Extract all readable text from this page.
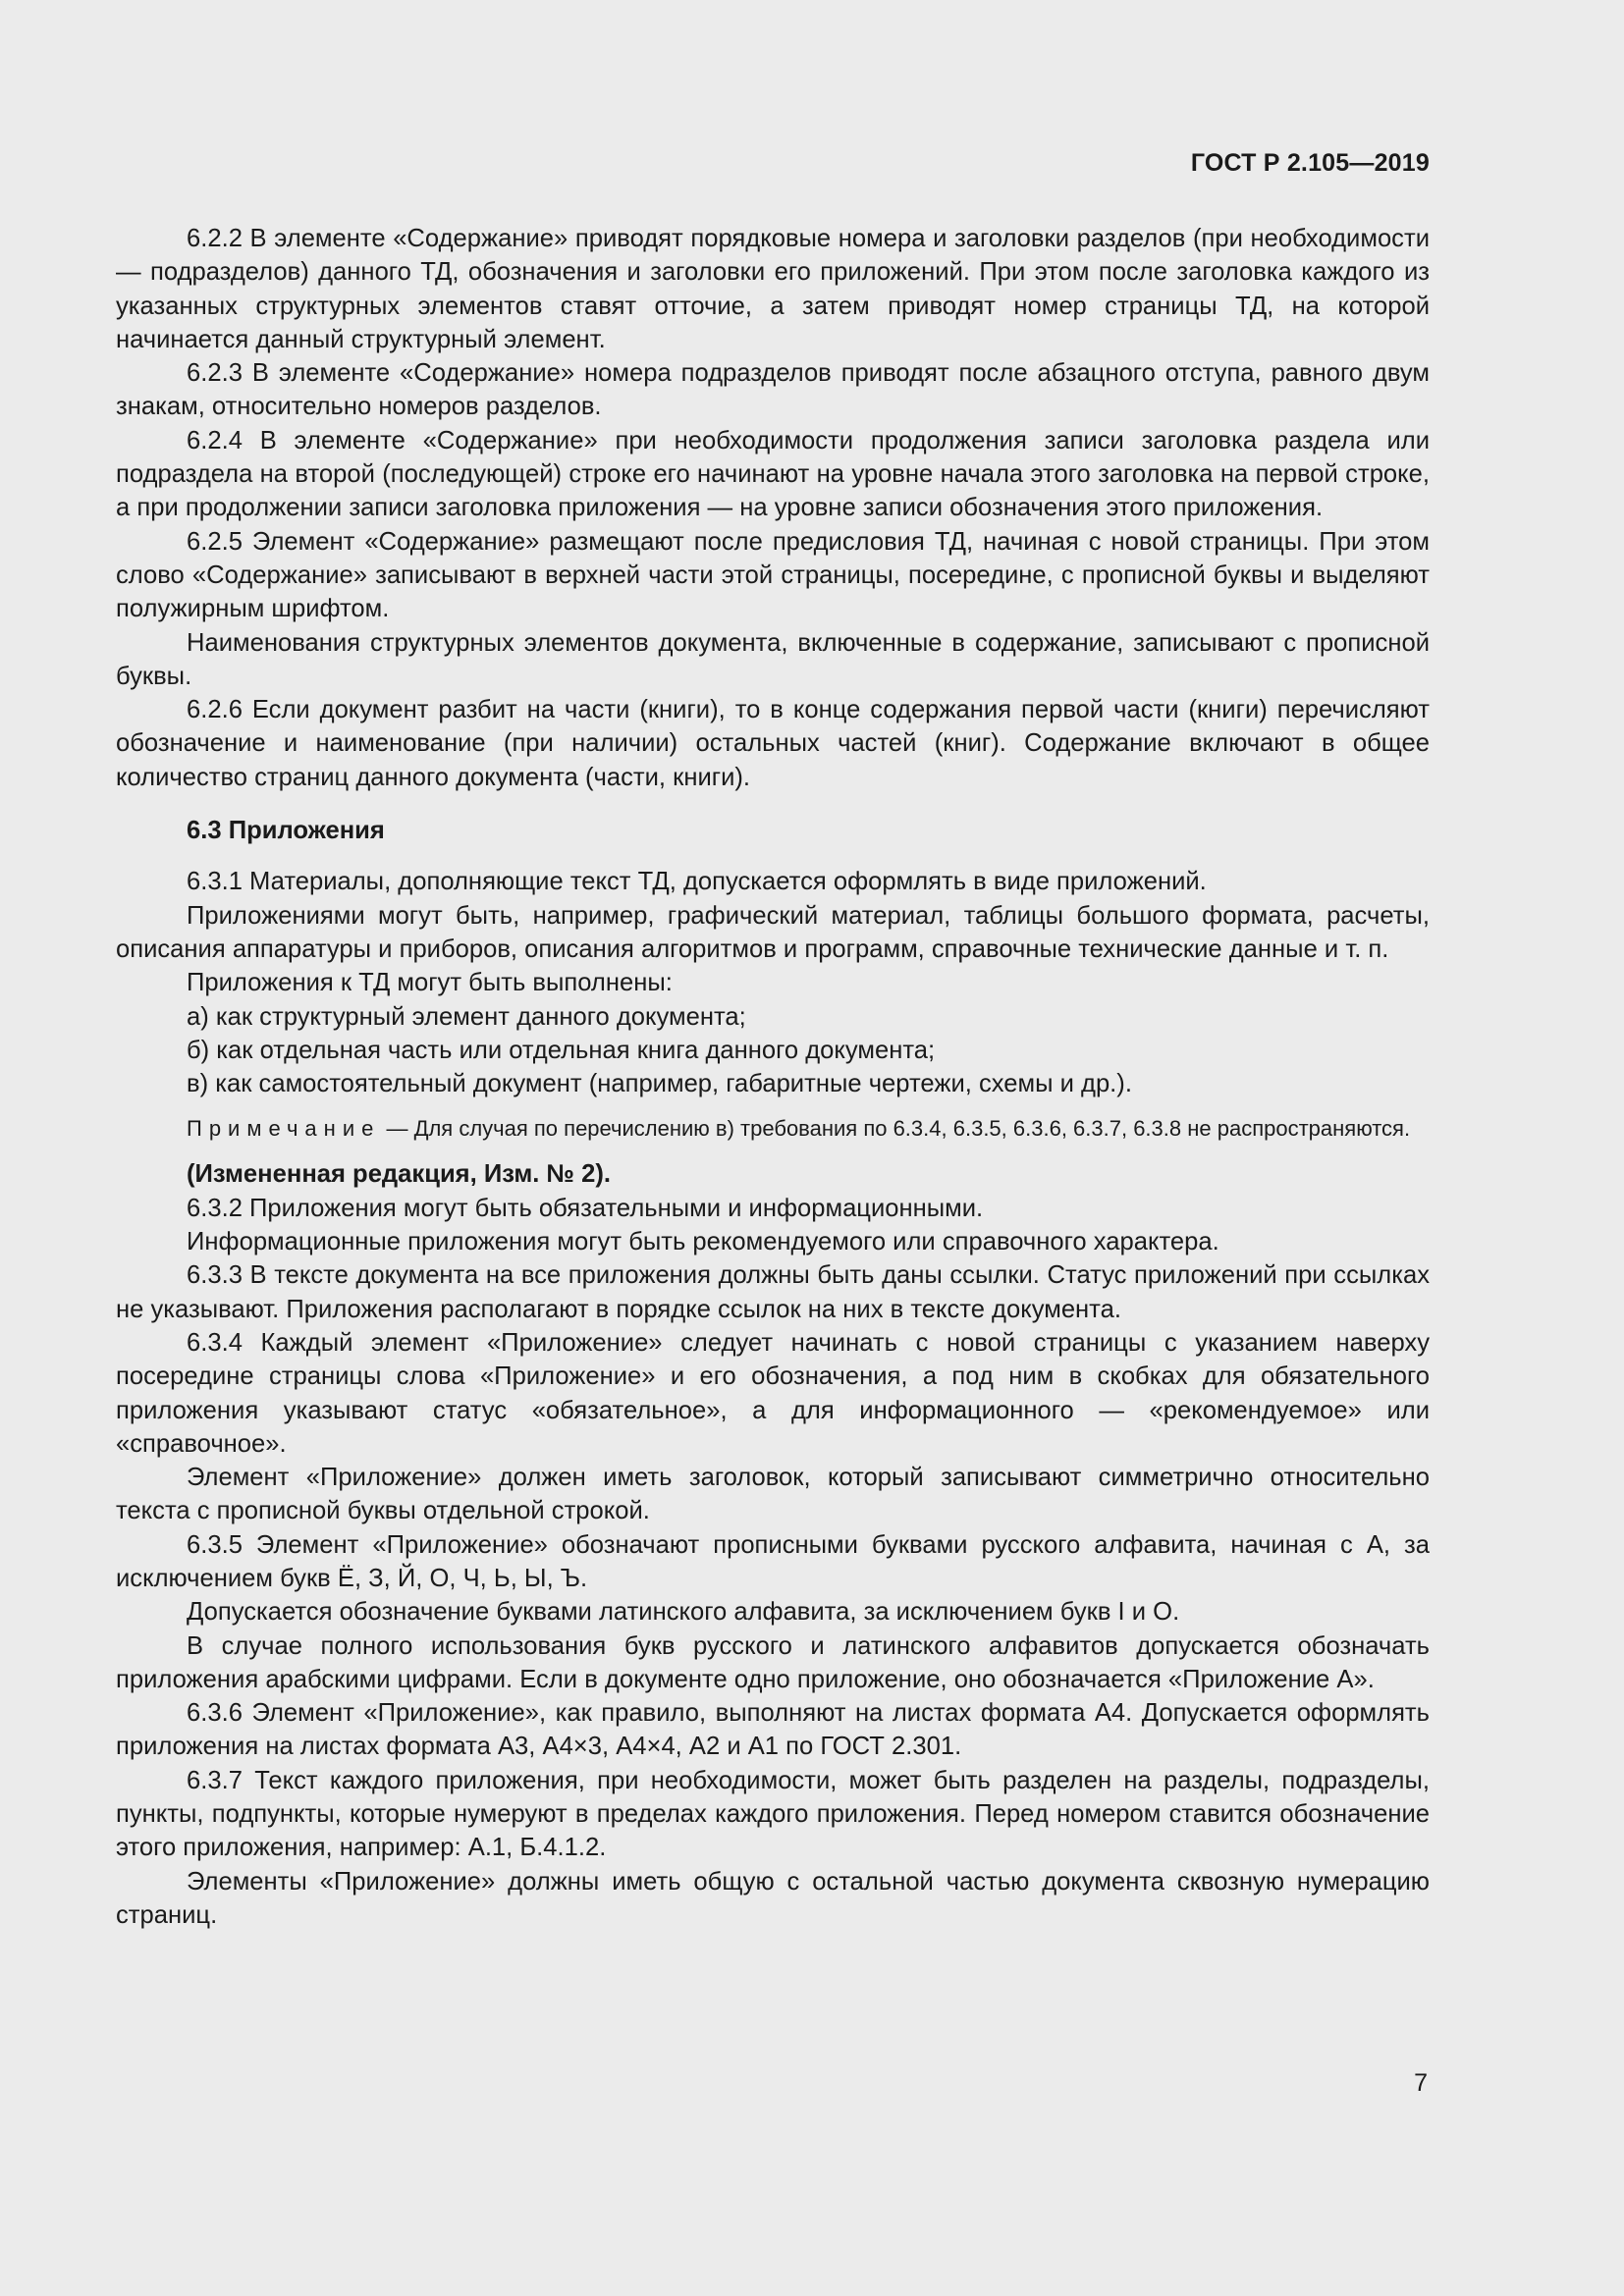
ГОСТ Р 2.105—2019

6.2.2 В элементе «Содержание» приводят порядковые номера и заголовки разделов (при необходимости — подразделов) данного ТД, обозначения и заголовки его приложений. При этом после заголовка каждого из указанных структурных элементов ставят отточие, а затем приводят номер страницы ТД, на которой начинается данный структурный элемент.

6.2.3 В элементе «Содержание» номера подразделов приводят после абзацного отступа, равного двум знакам, относительно номеров разделов.

6.2.4 В элементе «Содержание» при необходимости продолжения записи заголовка раздела или подраздела на второй (последующей) строке его начинают на уровне начала этого заголовка на первой строке, а при продолжении записи заголовка приложения — на уровне записи обозначения этого приложения.

6.2.5 Элемент «Содержание» размещают после предисловия ТД, начиная с новой страницы. При этом слово «Содержание» записывают в верхней части этой страницы, посередине, с прописной буквы и выделяют полужирным шрифтом.

Наименования структурных элементов документа, включенные в содержание, записывают с прописной буквы.

6.2.6 Если документ разбит на части (книги), то в конце содержания первой части (книги) перечисляют обозначение и наименование (при наличии) остальных частей (книг). Содержание включают в общее количество страниц данного документа (части, книги).

6.3 Приложения

6.3.1 Материалы, дополняющие текст ТД, допускается оформлять в виде приложений.

Приложениями могут быть, например, графический материал, таблицы большого формата, расчеты, описания аппаратуры и приборов, описания алгоритмов и программ, справочные технические данные и т. п.

Приложения к ТД могут быть выполнены:

а) как структурный элемент данного документа;

б) как отдельная часть или отдельная книга данного документа;

в) как самостоятельный документ (например, габаритные чертежи, схемы и др.).

Примечание — Для случая по перечислению в) требования по 6.3.4, 6.3.5, 6.3.6, 6.3.7, 6.3.8 не распространяются.

(Измененная редакция, Изм. № 2).

6.3.2 Приложения могут быть обязательными и информационными.

Информационные приложения могут быть рекомендуемого или справочного характера.

6.3.3 В тексте документа на все приложения должны быть даны ссылки. Статус приложений при ссылках не указывают. Приложения располагают в порядке ссылок на них в тексте документа.

6.3.4 Каждый элемент «Приложение» следует начинать с новой страницы с указанием наверху посередине страницы слова «Приложение» и его обозначения, а под ним в скобках для обязательного приложения указывают статус «обязательное», а для информационного — «рекомендуемое» или «справочное».

Элемент «Приложение» должен иметь заголовок, который записывают симметрично относительно текста с прописной буквы отдельной строкой.

6.3.5 Элемент «Приложение» обозначают прописными буквами русского алфавита, начиная с А, за исключением букв Ё, З, Й, О, Ч, Ь, Ы, Ъ.

Допускается обозначение буквами латинского алфавита, за исключением букв I и O.

В случае полного использования букв русского и латинского алфавитов допускается обозначать приложения арабскими цифрами. Если в документе одно приложение, оно обозначается «Приложение А».

6.3.6 Элемент «Приложение», как правило, выполняют на листах формата А4. Допускается оформлять приложения на листах формата А3, А4×3, А4×4, А2 и А1 по ГОСТ 2.301.

6.3.7 Текст каждого приложения, при необходимости, может быть разделен на разделы, подразделы, пункты, подпункты, которые нумеруют в пределах каждого приложения. Перед номером ставится обозначение этого приложения, например: А.1, Б.4.1.2.

Элементы «Приложение» должны иметь общую с остальной частью документа сквозную нумерацию страниц.

7
